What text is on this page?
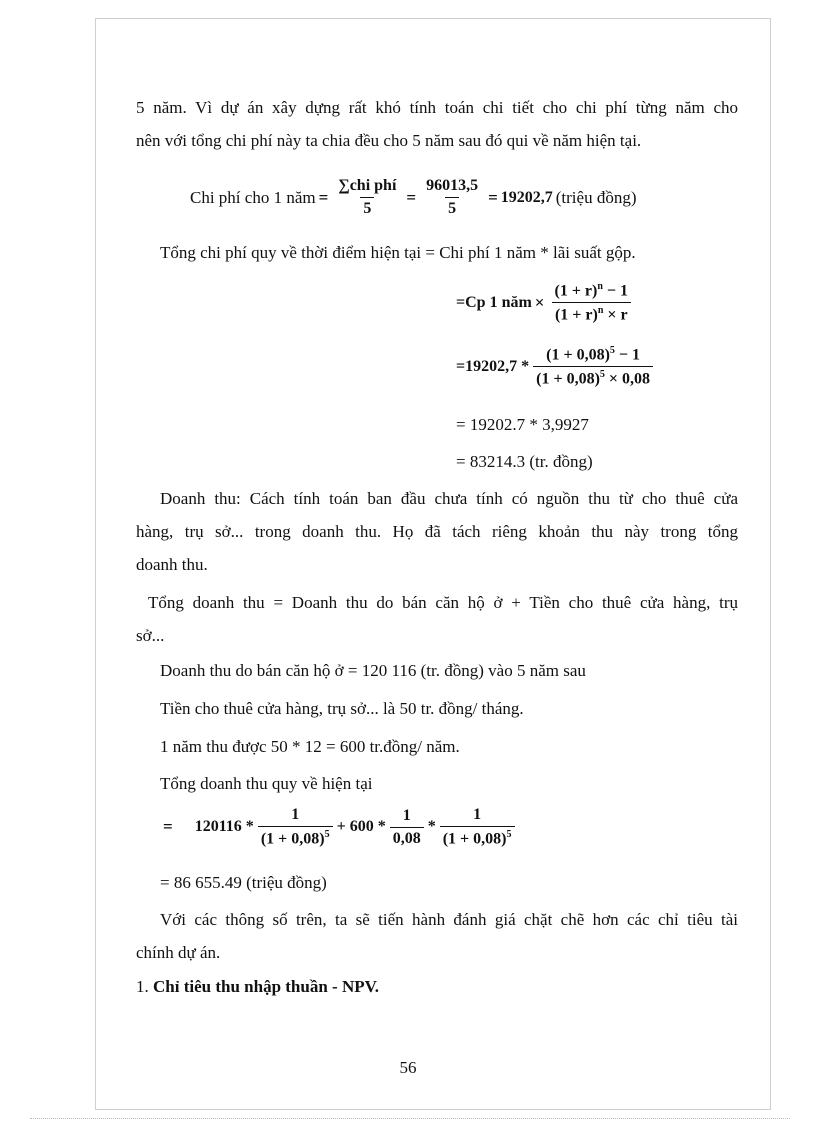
5 năm. Vì dự án xây dựng rất khó tính toán chi tiết cho chi phí từng năm cho
nên với tổng chi phí này ta chia đều cho 5 năm sau đó qui về năm hiện tại.
Chi phí cho 1 năm = $\frac{\text{∑chi phí}}{5} = \frac{96013,5}{5} = 19202,7$ (triệu đồng)
Tổng chi phí quy về thời điểm hiện tại = Chi phí 1 năm * lãi suất gộp.
=Cp 1 năm × $\frac{(1 + r)^n - 1}{(1 + r)^n \times r}$
$=19202,7 * \frac{(1 + 0,08)^5 - 1}{(1 + 0,08)^5 \times 0,08}$
= 19202.7 * 3,9927
= 83214.3 (tr. đồng)
Doanh thu: Cách tính toán ban đầu chưa tính có nguồn thu từ cho thuê cửa
hàng, trụ sở... trong doanh thu. Họ đã tách riêng khoản thu này trong tổng
doanh thu.
Tổng doanh thu = Doanh thu do bán căn hộ ở + Tiền cho thuê cửa hàng, trụ
sở...
Doanh thu do bán căn hộ ở = 120 116 (tr. đồng) vào 5 năm sau
Tiền cho thuê cửa hàng, trụ sở... là 50 tr. đồng/ tháng.
1 năm thu được 50 * 12 = 600 tr.đồng/ năm.
Tổng doanh thu quy về hiện tại
= $120116 * \frac{1}{(1 + 0,08)^5} + 600 * \frac{1}{0,08} * \frac{1}{(1 + 0,08)^5}$
= 86 655.49 (triệu đồng)
Với các thông số trên, ta sẽ tiến hành đánh giá chặt chẽ hơn các chỉ tiêu tài
chính dự án.
1. Chỉ tiêu thu nhập thuần - NPV.
56
